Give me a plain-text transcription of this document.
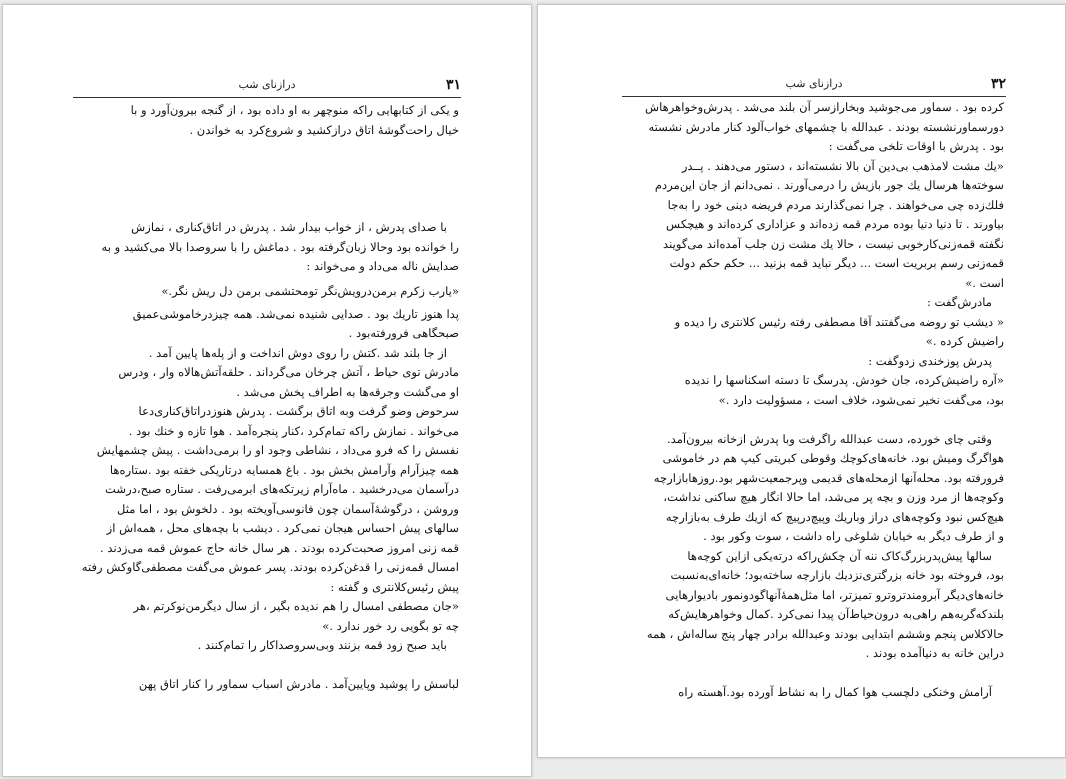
۳۱
درازنای شب

و یکی از کتابهایی راکه منوچهر به او داده بود ، از گنجه بیرون‌آورد و با

خیال راحت‌گوشهٔ اتاق درازکشید و شروع‌کرد به خواندن .

با صدای پدرش ، از خواب بیدار شد . پدرش در اتاق‌کناری ، نمازش

را خوانده بود وحالا زبان‌گرفته بود . دماغش را با سروصدا بالا می‌کشید و به

صدایش ناله می‌داد و می‌خواند :

«یارب زکرم برمن‌درویش‌نگر تومحتشمی برمن دل ریش نگر.»

پدا هنوز تاریك بود . صدایی شنیده نمی‌شد. همه چیزدرخاموشی‌عمیق

صبحگاهی فرورفته‌بود .

از جا بلند شد .کتش را روی دوش انداخت و از پله‌ها پایین آمد .

مادرش توی حیاط ، آتش چرخان می‌گرداند . حلقه‌آتش‌ها‌لاه وار ، ودرس

او می‌گشت وجرقه‌ها به اطراف پخش می‌شد .

سرحوض وضو گرفت وبه اتاق برگشت . پدرش هنوزدراتاق‌کناری‌دعا

می‌خواند . نمازش راکه تمام‌کرد ،کنار پنجره‌آمد . هوا تازه و خنك بود .

نفسش را که فرو می‌داد ، نشاطی وجود او را برمی‌داشت . پیش چشمهایش

همه چیزآرام وآرامش بخش بود . باغ همسایه درتاریکی خفته بود .ستاره‌ها

درآسمان می‌درخشید . ماه‌آرام زیرتکه‌های ابرمی‌رفت . ستاره صبح،درشت

وروشن ، درگوشهٔ‌آسمان چون فانوسی‌آویخته بود . دلخوش بود ، اما مثل

سالهای پیش احساس هیجان نمی‌کرد . دیشب با بچه‌های محل ، همه‌اش از

قمه زنی امروز صحبت‌کرده بودند . هر سال خانه حاج عموش قمه می‌زدند .

امسال قمه‌زنی را قدغن‌کرده بودند. پسر عموش می‌گفت مصطفی‌گاوکش رفته

پیش رئیس‌کلانتری و گفته :

«جان مصطفی امسال را هم ندیده بگیر ، از سال دیگرمن‌نوکرتم ،هر

چه تو بگویی رد خور ندارد .»

باید صبح زود قمه بزنند وبی‌سروصداکار را تمام‌کنند .

لباسش را پوشید وپایین‌آمد . مادرش اسباب سماور را کنار اتاق پهن

۳۲
درازنای شب

کرده بود . سماور می‌جوشید وبخارازسر آن بلند می‌شد . پدرش‌وخواهرهاش

دورسماورنشسته بودند . عبدالله با چشمهای خواب‌آلود کنار مادرش نشسته

بود . پدرش با اوقات تلخی می‌گفت :

«یك مشت لامذهب بی‌دین آن بالا نشسته‌اند ، دستور می‌دهند . پــدر

سوخته‌ها هرسال یك جور بازیش را درمی‌آورند . نمی‌دانم از جان این‌مردم

فلك‌زده چی می‌خواهند . چرا نمی‌گذارند مردم فریضه دینی خود را به‌جا

بیاورند . تا دنیا دنیا بوده مردم قمه زده‌اند و عزاداری کرده‌اند و هیچکس

نگفته قمه‌زنی‌کارخوبی نیست ، حالا یك مشت زن جلب آمده‌اند می‌گویند

قمه‌زنی رسم بربریت است ... دیگر نباید قمه بزنید ... حکم حکم دولت

است .»

مادرش‌گفت :

« دیشب تو روضه می‌گفتند آقا مصطفی رفته رئیس کلانتری را دیده و

راضیش کرده .»

پدرش پوزخندی زدوگفت :

«آره راضیش‌کرده، جان خودش. پدرسگ تا دسته اسکناسها را ندیده

بود، می‌گفت نخیر نمی‌شود، خلاف است ، مسؤولیت دارد .»

وقتی چای خورده، دست عبدالله راگرفت وبا پدرش ازخانه بیرون‌آمد.

هواگرگ ومیش بود. خانه‌های‌کوچك وقوطی کبریتی کیپ هم در خاموشی

فرورفته بود. محله‌آنها ازمحله‌های قدیمی وپرجمعیت‌شهر بود.روزهابازارچه

وکوچه‌ها از مرد وزن و بچه پر می‌شد، اما حالا انگار هیچ ساکنی نداشت،

هیچ‌کس نبود وکوچه‌های دراز وباریك وپیچ‌درپیچ که ازیك طرف به‌بازارچه

و از طرف دیگر به خیابان شلوغی راه داشت ، سوت وکور بود .

سالها پیش‌پدربزرگ‌کاک ننه‌ آن چکش‌راکه درته‌یکی ازاین کوچه‌ها

بود، فروخته بود خانه بزرگتری‌نزدیك بازارچه ساخته‌بود؛ خانه‌ای‌به‌نسبت

خانه‌های‌دیگر آبرومندتروترو تمیزتر، اما مثل‌همهٔ‌آنهاگودونمور بادیوارهایی

بلندکه‌گربه‌هم راهی‌به درون‌حیاط‌آن پیدا نمی‌کرد .کمال وخواهرهایش‌که

حالاکلاس پنجم وششم ابتدایی بودند وعبدالله برادر چهار پنج ساله‌اش ، همه

دراین خانه به دنیاآمده بودند .

آرامش وخنکی دلچسب هوا کمال را به نشاط آورده بود.آهسته راه
